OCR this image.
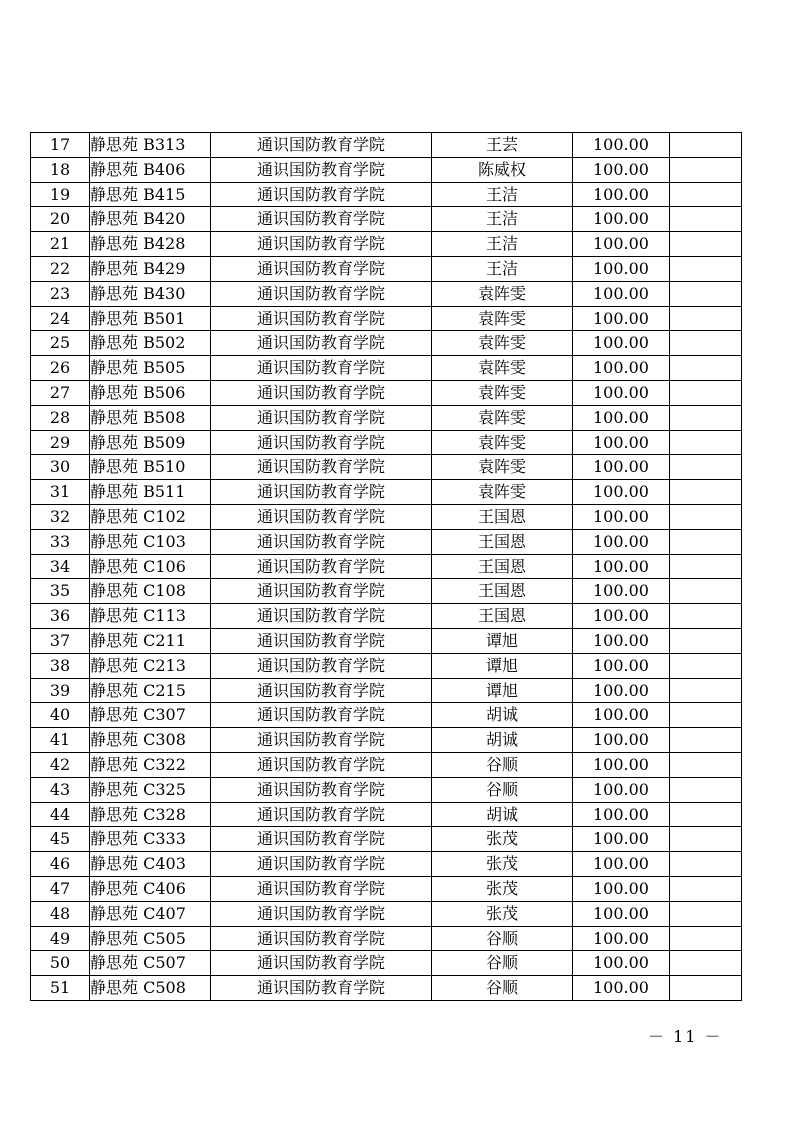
17	静思苑 B313	通识国防教育学院	王芸	100.00	
18	静思苑 B406	通识国防教育学院	陈威权	100.00	
19	静思苑 B415	通识国防教育学院	王洁	100.00	
20	静思苑 B420	通识国防教育学院	王洁	100.00	
21	静思苑 B428	通识国防教育学院	王洁	100.00	
22	静思苑 B429	通识国防教育学院	王洁	100.00	
23	静思苑 B430	通识国防教育学院	袁阵雯	100.00	
24	静思苑 B501	通识国防教育学院	袁阵雯	100.00	
25	静思苑 B502	通识国防教育学院	袁阵雯	100.00	
26	静思苑 B505	通识国防教育学院	袁阵雯	100.00	
27	静思苑 B506	通识国防教育学院	袁阵雯	100.00	
28	静思苑 B508	通识国防教育学院	袁阵雯	100.00	
29	静思苑 B509	通识国防教育学院	袁阵雯	100.00	
30	静思苑 B510	通识国防教育学院	袁阵雯	100.00	
31	静思苑 B511	通识国防教育学院	袁阵雯	100.00	
32	静思苑 C102	通识国防教育学院	王国恩	100.00	
33	静思苑 C103	通识国防教育学院	王国恩	100.00	
34	静思苑 C106	通识国防教育学院	王国恩	100.00	
35	静思苑 C108	通识国防教育学院	王国恩	100.00	
36	静思苑 C113	通识国防教育学院	王国恩	100.00	
37	静思苑 C211	通识国防教育学院	谭旭	100.00	
38	静思苑 C213	通识国防教育学院	谭旭	100.00	
39	静思苑 C215	通识国防教育学院	谭旭	100.00	
40	静思苑 C307	通识国防教育学院	胡诚	100.00	
41	静思苑 C308	通识国防教育学院	胡诚	100.00	
42	静思苑 C322	通识国防教育学院	谷顺	100.00	
43	静思苑 C325	通识国防教育学院	谷顺	100.00	
44	静思苑 C328	通识国防教育学院	胡诚	100.00	
45	静思苑 C333	通识国防教育学院	张茂	100.00	
46	静思苑 C403	通识国防教育学院	张茂	100.00	
47	静思苑 C406	通识国防教育学院	张茂	100.00	
48	静思苑 C407	通识国防教育学院	张茂	100.00	
49	静思苑 C505	通识国防教育学院	谷顺	100.00	
50	静思苑 C507	通识国防教育学院	谷顺	100.00	
51	静思苑 C508	通识国防教育学院	谷顺	100.00	
－ 11 －
